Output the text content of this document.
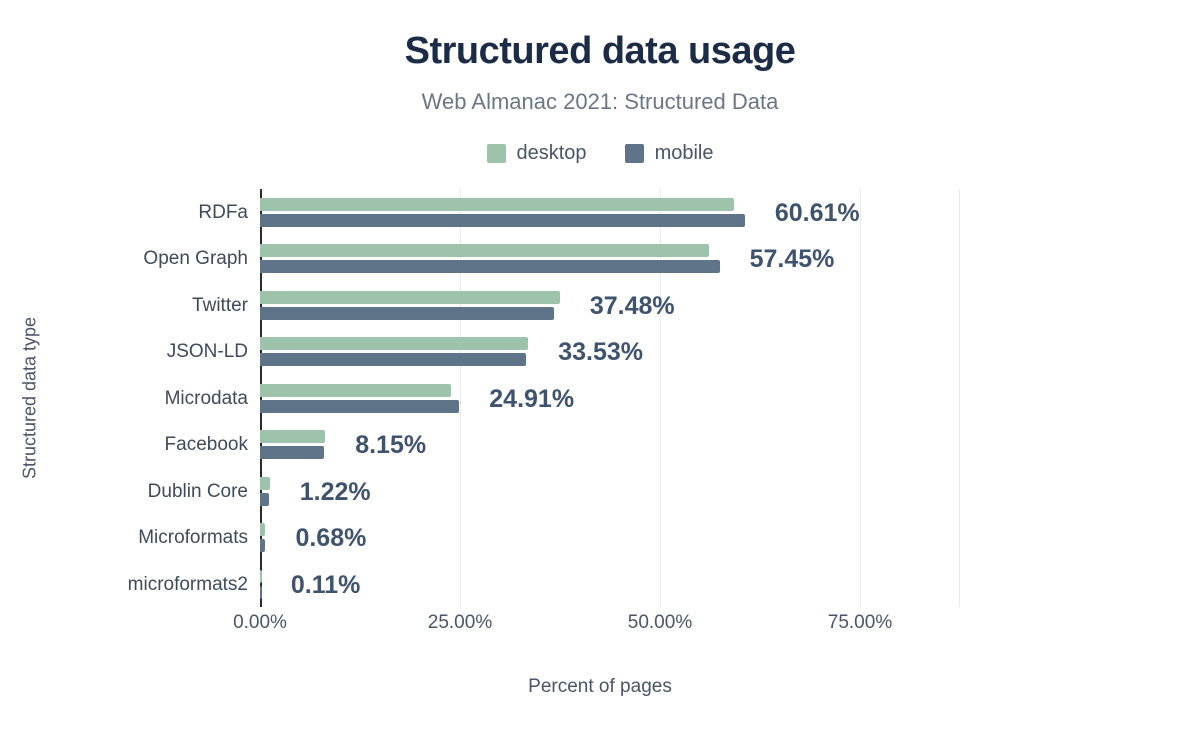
Structured data usage
Web Almanac 2021: Structured Data
desktop	mobile
Structured data type
Percent of pages
0.00%	25.00%	50.00%	75.00%
RDFa	60.61%
Open Graph	57.45%
Twitter	37.48%
JSON-LD	33.53%
Microdata	24.91%
Facebook	8.15%
Dublin Core 1.22%
Microformats 0.68%
microformats2 0.11%
